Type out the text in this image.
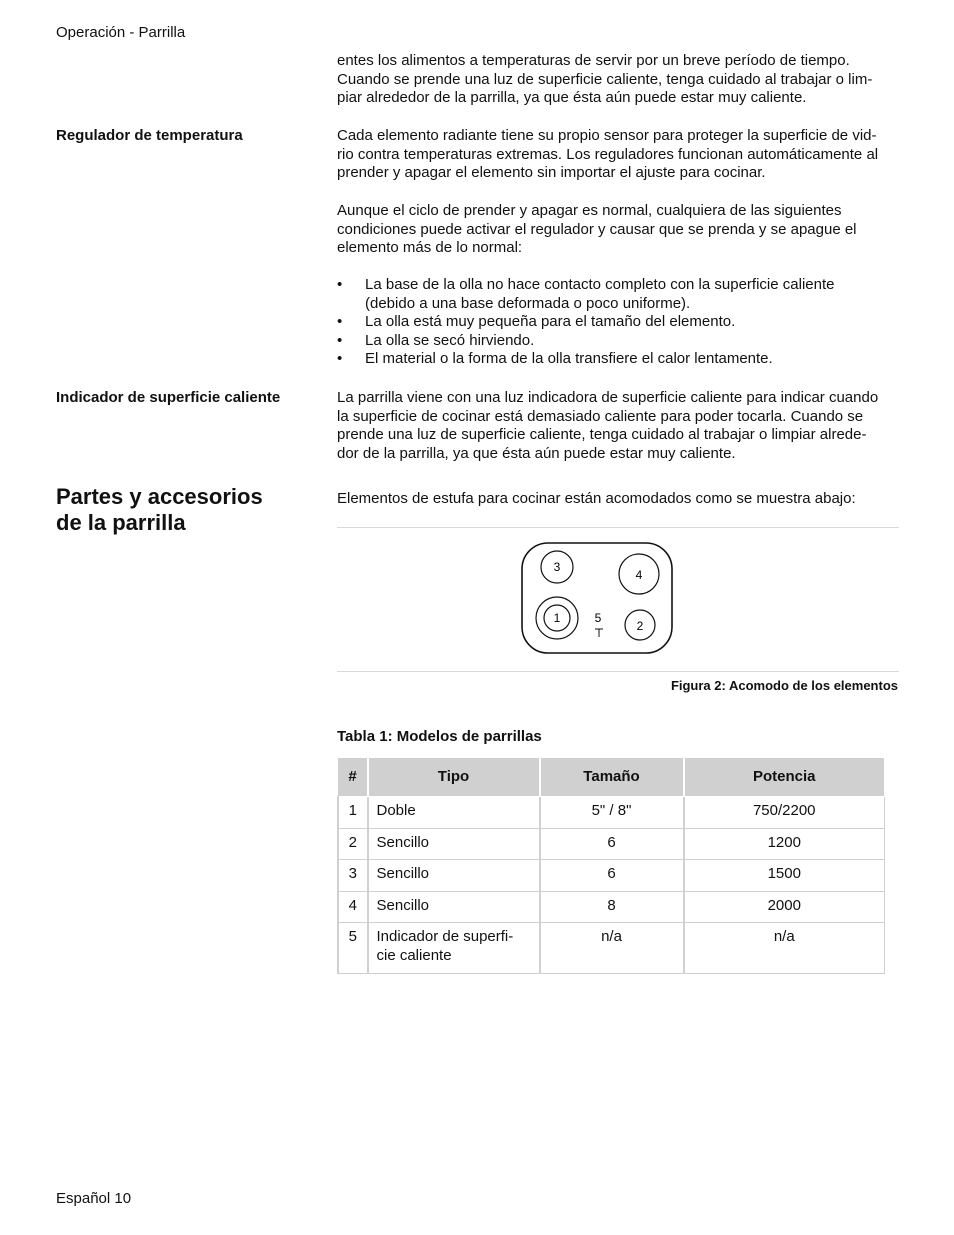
Operación - Parrilla
entes los alimentos a temperaturas de servir por un breve período de tiempo.
Cuando se prende una luz de superficie caliente, tenga cuidado al trabajar o lim-
piar alrededor de la parrilla, ya que ésta aún puede estar muy caliente.
Regulador de temperatura	Cada elemento radiante tiene su propio sensor para proteger la superficie de vid-
rio contra temperaturas extremas. Los reguladores funcionan automáticamente al
prender y apagar el elemento sin importar el ajuste para cocinar.
Aunque el ciclo de prender y apagar es normal, cualquiera de las siguientes
condiciones puede activar el regulador y causar que se prenda y se apague el
elemento más de lo normal:
• La base de la olla no hace contacto completo con la superficie caliente
(debido a una base deformada o poco uniforme).
• La olla está muy pequeña para el tamaño del elemento.
• La olla se secó hirviendo.
• El material o la forma de la olla transfiere el calor lentamente.
Indicador de superficie caliente	La parrilla viene con una luz indicadora de superficie caliente para indicar cuando
la superficie de cocinar está demasiado caliente para poder tocarla. Cuando se
prende una luz de superficie caliente, tenga cuidado al trabajar o limpiar alrede-
dor de la parrilla, ya que ésta aún puede estar muy caliente.
Partes y accesorios
de la parrilla
Elementos de estufa para cocinar están acomodados como se muestra abajo:
3
4
1
2
5
Figura 2: Acomodo de los elementos
Tabla 1: Modelos de parrillas
#	Tipo	Tamaño	Potencia
1	Doble	5" / 8"	750/2200
2	Sencillo	6	1200
3	Sencillo	6	1500
4	Sencillo	8	2000
5	Indicador de superfi-
cie caliente	n/a	n/a
Español 10
